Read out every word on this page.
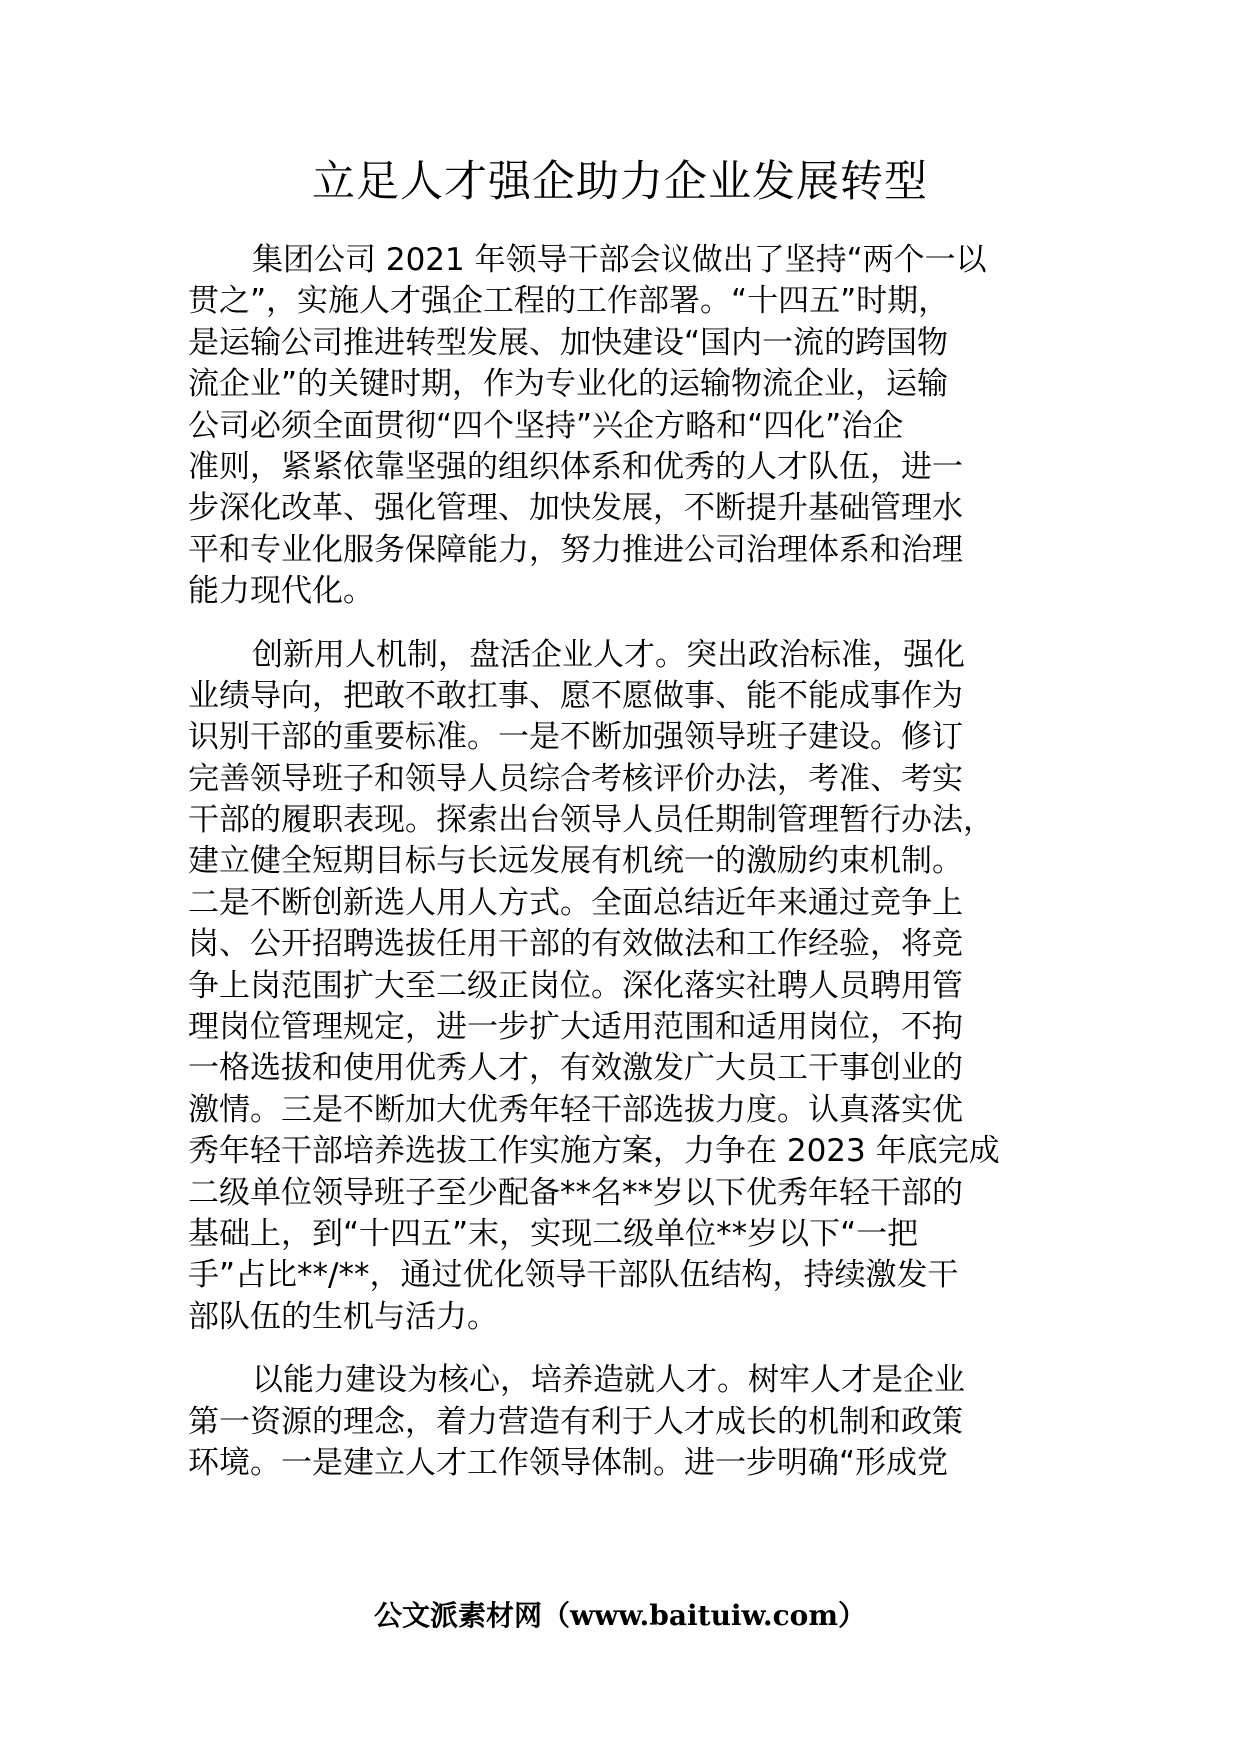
立足人才强企助力企业发展转型
集团公司 2021 年领导干部会议做出了坚持“两个一以
贯之”，实施人才强企工程的工作部署。“十四五”时期，
是运输公司推进转型发展、加快建设“国内一流的跨国物
流企业”的关键时期，作为专业化的运输物流企业，运输
公司必须全面贯彻“四个坚持”兴企方略和“四化”治企
准则，紧紧依靠坚强的组织体系和优秀的人才队伍，进一
步深化改革、强化管理、加快发展，不断提升基础管理水
平和专业化服务保障能力，努力推进公司治理体系和治理
能力现代化。
创新用人机制，盘活企业人才。突出政治标准，强化
业绩导向，把敢不敢扛事、愿不愿做事、能不能成事作为
识别干部的重要标准。一是不断加强领导班子建设。修订
完善领导班子和领导人员综合考核评价办法，考准、考实
干部的履职表现。探索出台领导人员任期制管理暂行办法，
建立健全短期目标与长远发展有机统一的激励约束机制。
二是不断创新选人用人方式。全面总结近年来通过竞争上
岗、公开招聘选拔任用干部的有效做法和工作经验，将竞
争上岗范围扩大至二级正岗位。深化落实社聘人员聘用管
理岗位管理规定，进一步扩大适用范围和适用岗位，不拘
一格选拔和使用优秀人才，有效激发广大员工干事创业的
激情。三是不断加大优秀年轻干部选拔力度。认真落实优
秀年轻干部培养选拔工作实施方案，力争在 2023 年底完成
二级单位领导班子至少配备**名**岁以下优秀年轻干部的
基础上，到“十四五”末，实现二级单位**岁以下“一把
手”占比**/**，通过优化领导干部队伍结构，持续激发干
部队伍的生机与活力。
以能力建设为核心，培养造就人才。树牢人才是企业
第一资源的理念，着力营造有利于人才成长的机制和政策
环境。一是建立人才工作领导体制。进一步明确“形成党
公文派素材网（www.baituiw.com）
